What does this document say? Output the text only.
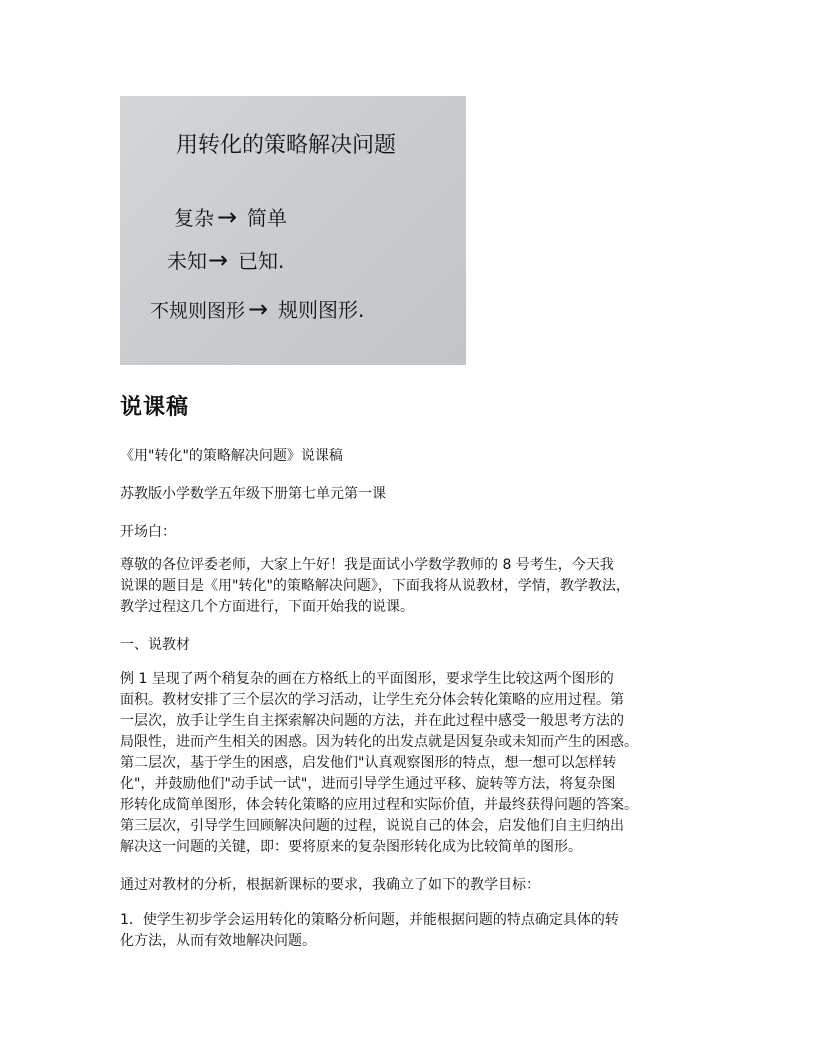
用转化的策略解决问题
复杂 → 简单
未知 → 已知.
不规则图形 → 规则图形.
说课稿

《用"转化"的策略解决问题》说课稿

苏教版小学数学五年级下册第七单元第一课

开场白：

尊敬的各位评委老师，大家上午好！我是面试小学数学教师的 8 号考生，今天我
说课的题目是《用"转化"的策略解决问题》，下面我将从说教材，学情，教学教法，
教学过程这几个方面进行，下面开始我的说课。

一、说教材

例 1 呈现了两个稍复杂的画在方格纸上的平面图形，要求学生比较这两个图形的
面积。教材安排了三个层次的学习活动，让学生充分体会转化策略的应用过程。第
一层次，放手让学生自主探索解决问题的方法，并在此过程中感受一般思考方法的
局限性，进而产生相关的困惑。因为转化的出发点就是因复杂或未知而产生的困惑。
第二层次，基于学生的困惑，启发他们"认真观察图形的特点，想一想可以怎样转
化"，并鼓励他们"动手试一试"，进而引导学生通过平移、旋转等方法，将复杂图
形转化成简单图形，体会转化策略的应用过程和实际价值，并最终获得问题的答案。
第三层次，引导学生回顾解决问题的过程，说说自己的体会，启发他们自主归纳出
解决这一问题的关键，即：要将原来的复杂图形转化成为比较简单的图形。

通过对教材的分析，根据新课标的要求，我确立了如下的教学目标：

1．使学生初步学会运用转化的策略分析问题，并能根据问题的特点确定具体的转
化方法，从而有效地解决问题。
